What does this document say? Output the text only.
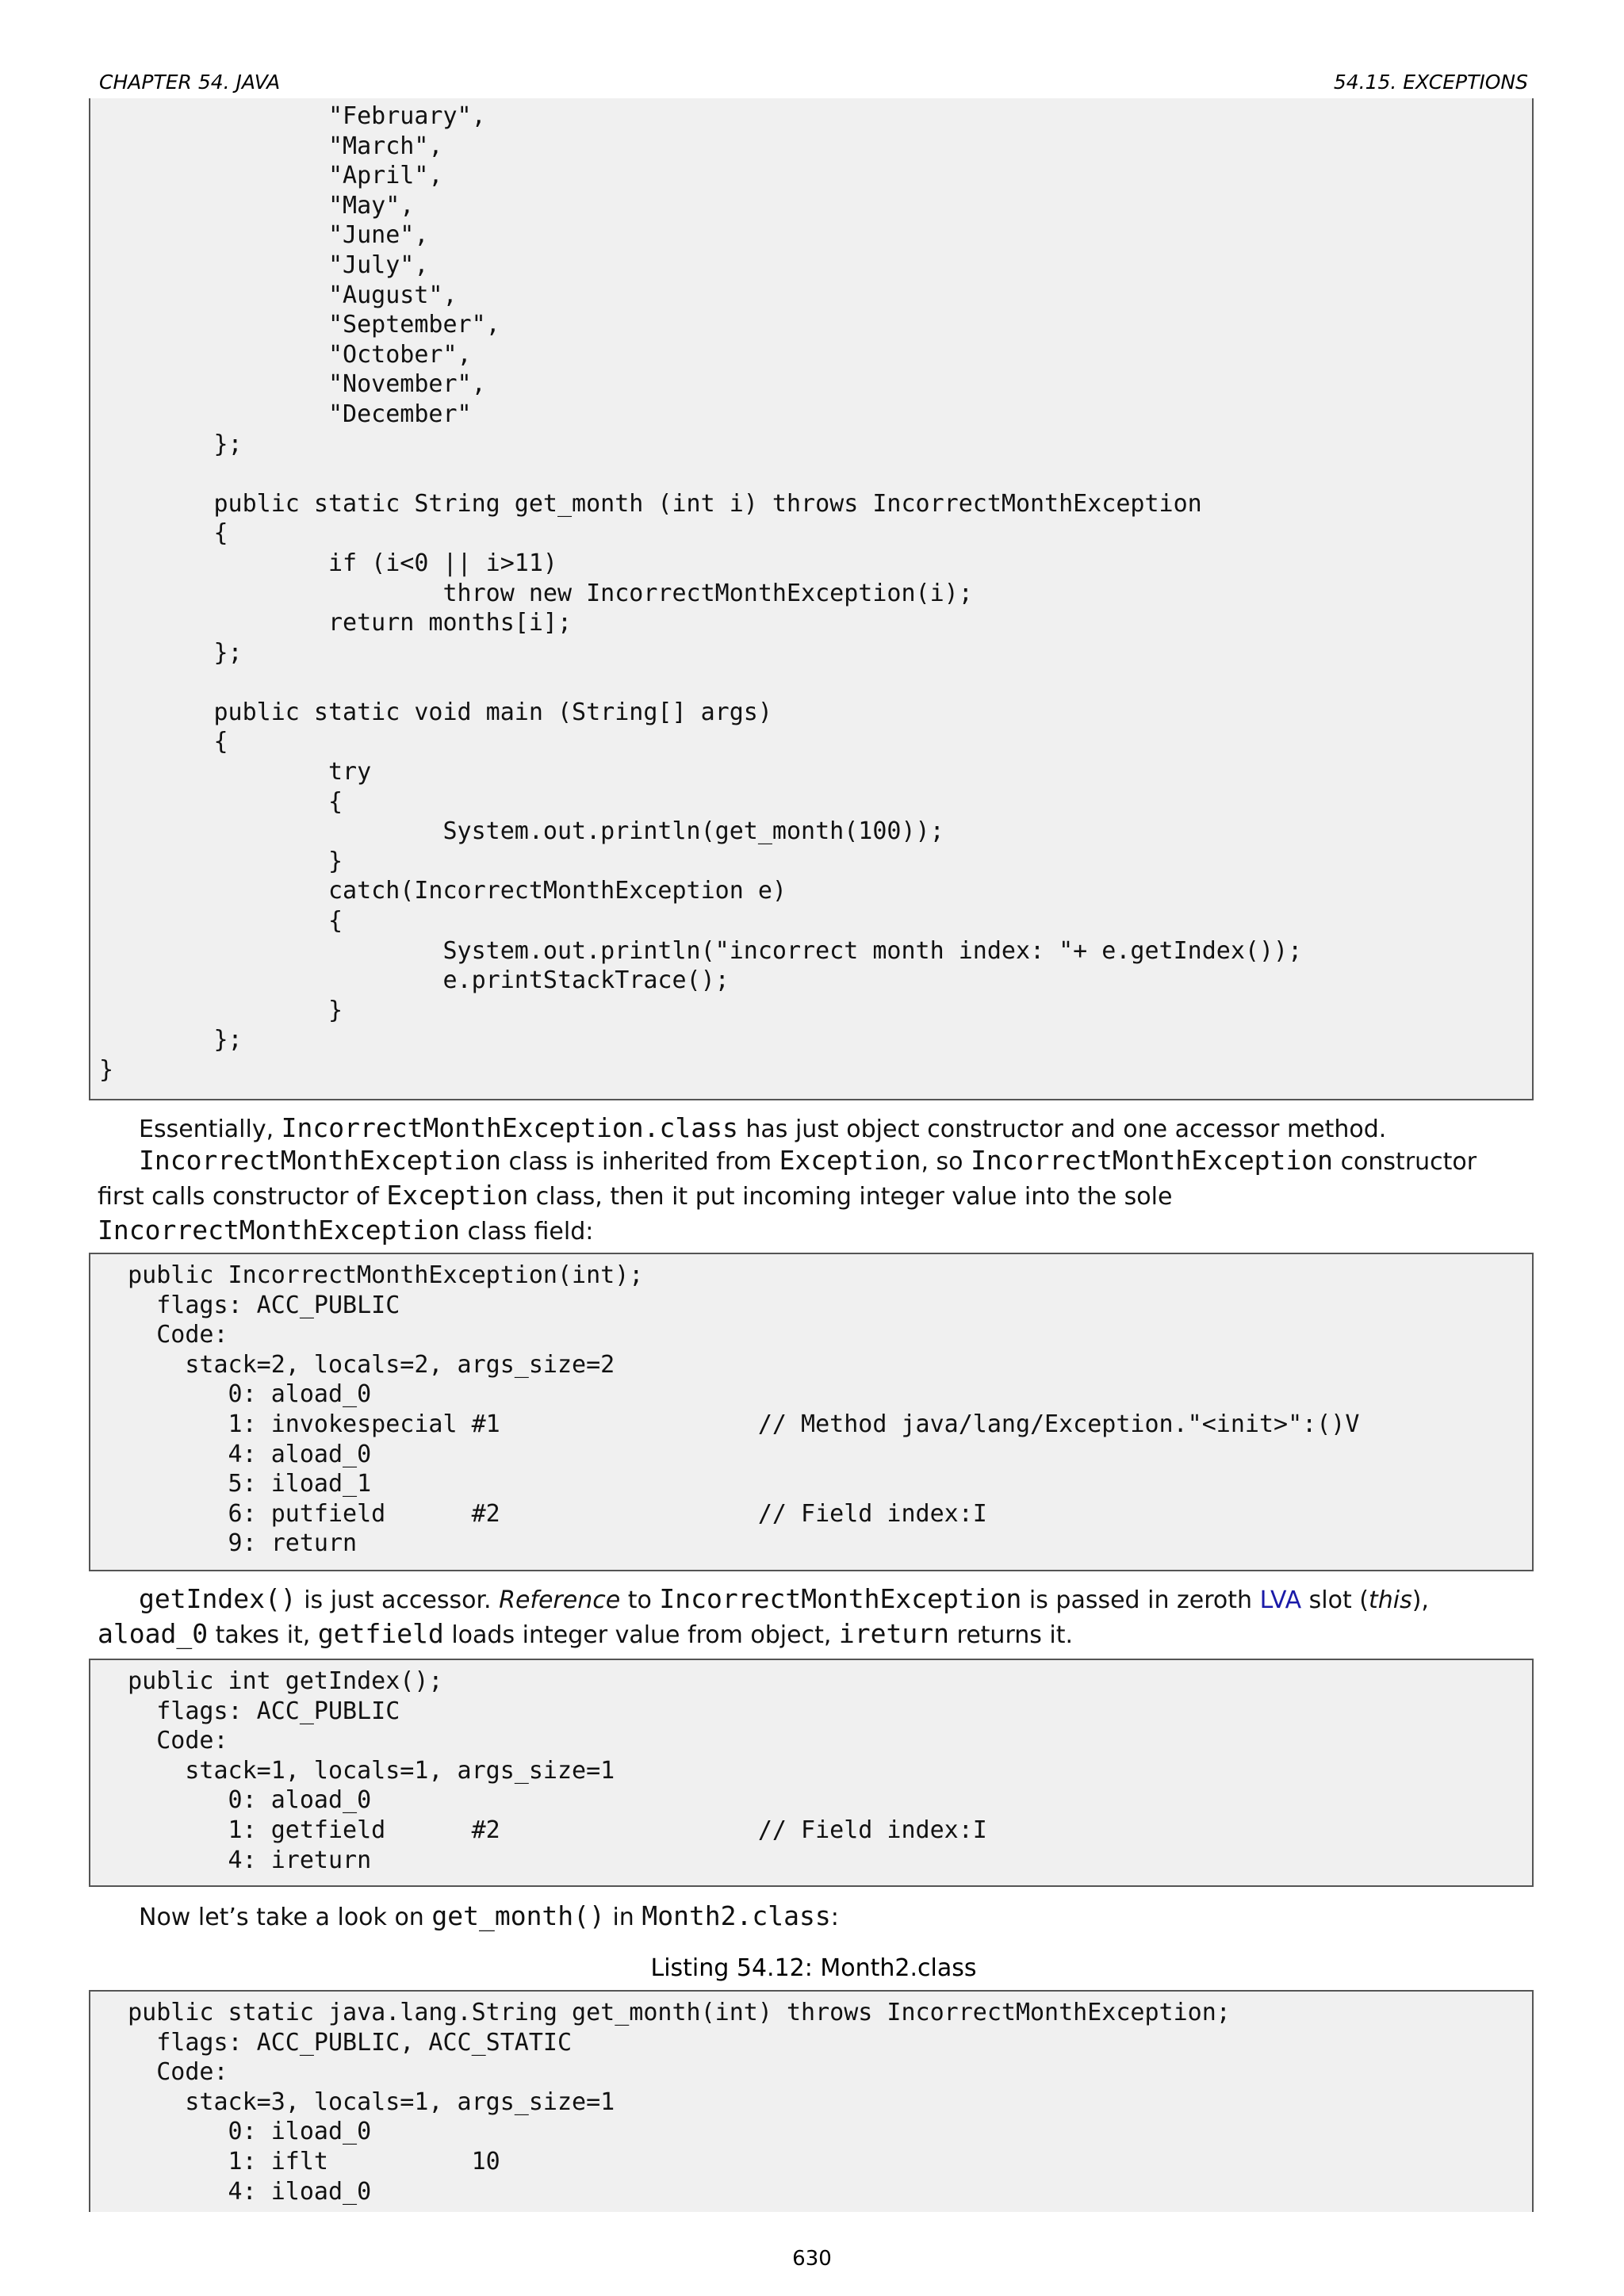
CHAPTER 54. JAVA	54.15. EXCEPTIONS
"February",
"March",
"April",
"May",
"June",
"July",
"August",
"September",
"October",
"November",
"December"
};

public static String get_month (int i) throws IncorrectMonthException
{
if (i<0 || i>11)
throw new IncorrectMonthException(i);
return months[i];
};

public static void main (String[] args)
{
try
{
System.out.println(get_month(100));
}
catch(IncorrectMonthException e)
{
System.out.println("incorrect month index: "+ e.getIndex());
e.printStackTrace();
}
};
}
Essentially, IncorrectMonthException.class has just object constructor and one accessor method.
IncorrectMonthException class is inherited from Exception, so IncorrectMonthException constructor first calls constructor of Exception class, then it put incoming integer value into the sole IncorrectMonthException class field:
public IncorrectMonthException(int);
flags: ACC_PUBLIC
Code:
stack=2, locals=2, args_size=2
0: aload_0
1: invokespecial #1                  // Method java/lang/Exception."<init>":()V
4: aload_0
5: iload_1
6: putfield      #2                  // Field index:I
9: return
getIndex() is just accessor. Reference to IncorrectMonthException is passed in zeroth LVA slot (this), aload_0 takes it, getfield loads integer value from object, ireturn returns it.
public int getIndex();
flags: ACC_PUBLIC
Code:
stack=1, locals=1, args_size=1
0: aload_0
1: getfield      #2                  // Field index:I
4: ireturn
Now let’s take a look on get_month() in Month2.class:
Listing 54.12: Month2.class
public static java.lang.String get_month(int) throws IncorrectMonthException;
flags: ACC_PUBLIC, ACC_STATIC
Code:
stack=3, locals=1, args_size=1
0: iload_0
1: iflt          10
4: iload_0
630
